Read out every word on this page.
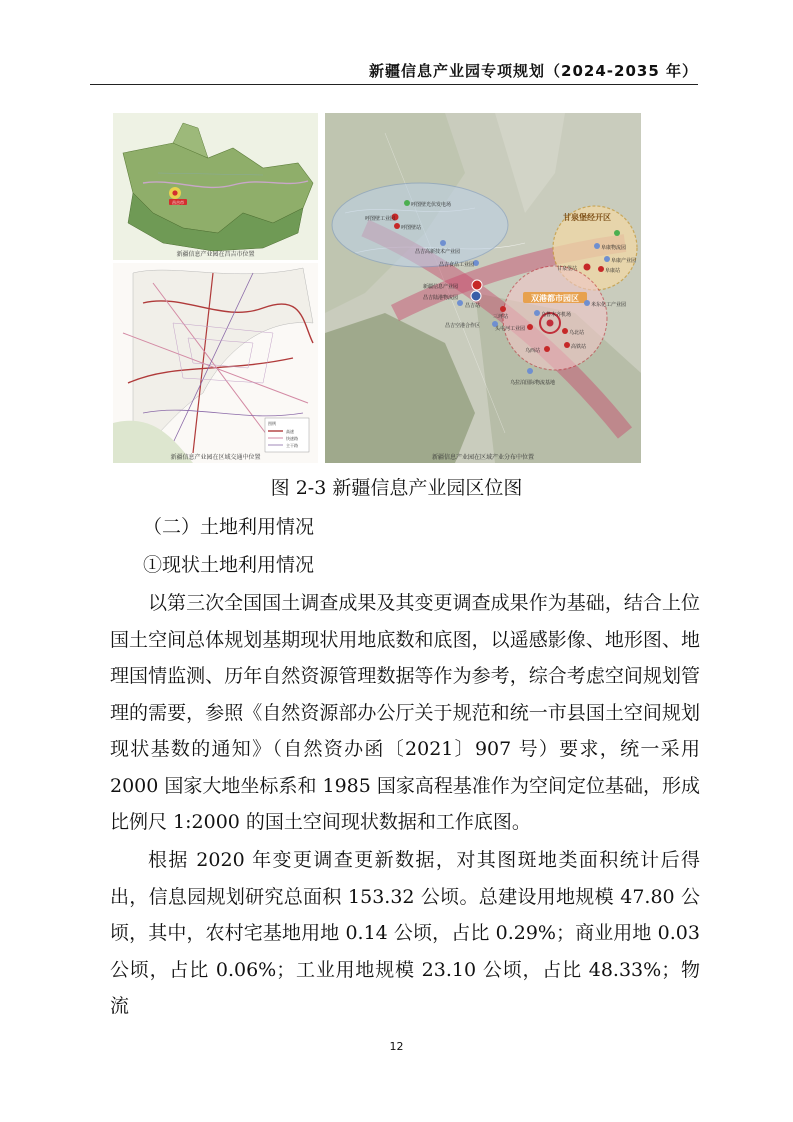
新疆信息产业园专项规划（2024-2035 年）
昌吉市
新疆信息产业园在昌吉市位置
图例
高速
快速路
主干路
新疆信息产业园在区域交通中位置
甘泉堡经开区
双港都市园区
呼图壁光伏发电场
呼图壁工业园
呼图壁站
昌吉高新技术产业园
阜康物流园
甘泉堡站
阜康产业园
阜康站
昌吉食品工业园
新疆信息产业园
昌吉陆港物流园
昌吉站	米东化工产业园
乌鲁木齐机场
昌吉空港合作区
三坪站
头屯河工业园
乌北站
乌西站
高铁站
乌拉泊国际物流基地
新疆信息产业园在区域产业分布中位置
图 2-3 新疆信息产业园区位图
（二）土地利用情况
①现状土地利用情况
以第三次全国国土调查成果及其变更调查成果作为基础，结合上位国土空间总体规划基期现状用地底数和底图，以遥感影像、地形图、地理国情监测、历年自然资源管理数据等作为参考，综合考虑空间规划管理的需要，参照《自然资源部办公厅关于规范和统一市县国土空间规划现状基数的通知》（自然资办函〔2021〕907 号）要求，统一采用 2000 国家大地坐标系和 1985 国家高程基准作为空间定位基础，形成比例尺 1:2000 的国土空间现状数据和工作底图。
根据 2020 年变更调查更新数据，对其图斑地类面积统计后得出，信息园规划研究总面积 153.32 公顷。总建设用地规模 47.80 公顷，其中，农村宅基地用地 0.14 公顷，占比 0.29%；商业用地 0.03 公顷，占比 0.06%；工业用地规模 23.10 公顷，占比 48.33%；物流
12
